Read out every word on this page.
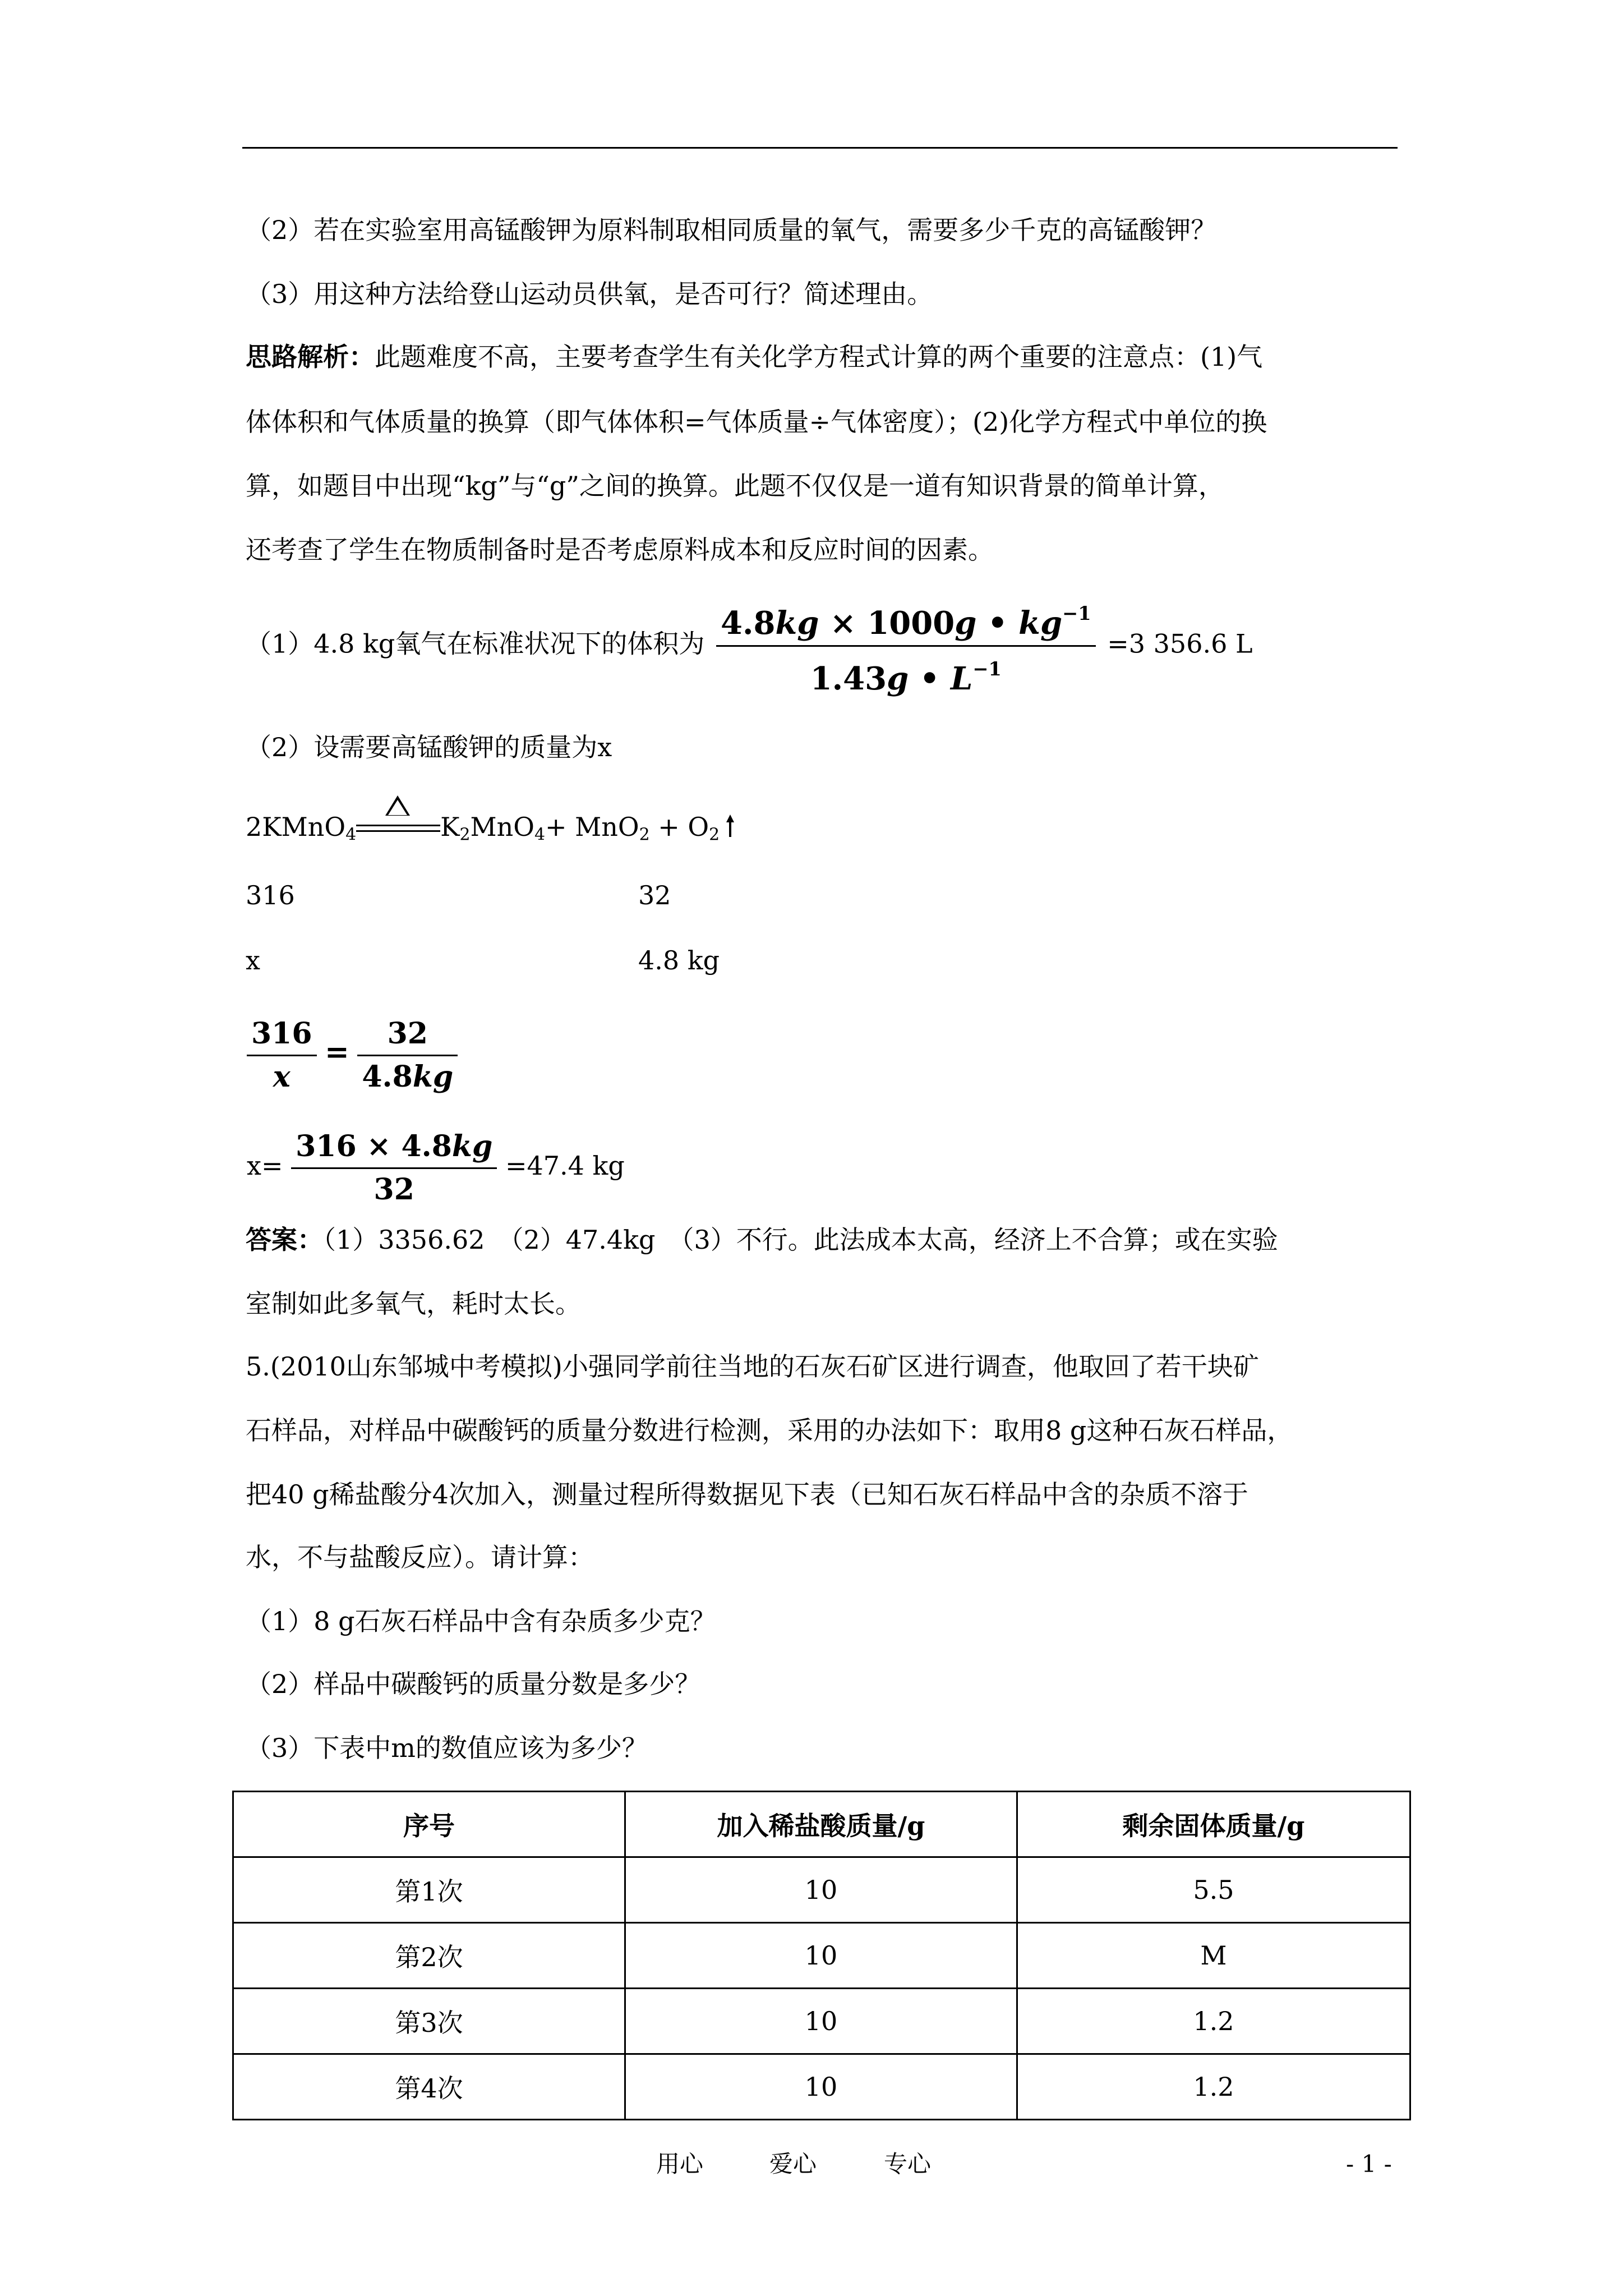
（2）若在实验室用高锰酸钾为原料制取相同质量的氧气，需要多少千克的高锰酸钾？
（3）用这种方法给登山运动员供氧，是否可行？简述理由。
思路解析：此题难度不高，主要考查学生有关化学方程式计算的两个重要的注意点：(1)气
体体积和气体质量的换算（即气体体积=气体质量÷气体密度）；(2)化学方程式中单位的换
算，如题目中出现“kg”与“g”之间的换算。此题不仅仅是一道有知识背景的简单计算，
还考查了学生在物质制备时是否考虑原料成本和反应时间的因素。
（1）4.8 kg氧气在标准状况下的体积为 $\frac{4.8kg \times 1000g • kg^{-1}}{1.43g • L^{-1}} =3$ 356.6 L
（2）设需要高锰酸钾的质量为x
2KMnO$_4$	$K_2MnO_4+ MnO_2 + O_2$
316	32
x	4.8 kg
$\frac{316}{x} = \frac{32}{4.8kg}$
$x= \frac{316 \times 4.8kg}{32} =47.4$ kg
答案：（1）3356.62　（2）47.4kg　（3）不行。此法成本太高，经济上不合算；或在实验
室制如此多氧气，耗时太长。
5.(2010山东邹城中考模拟)小强同学前往当地的石灰石矿区进行调查，他取回了若干块矿
石样品，对样品中碳酸钙的质量分数进行检测，采用的办法如下：取用8 g这种石灰石样品，
把40 g稀盐酸分4次加入，测量过程所得数据见下表（已知石灰石样品中含的杂质不溶于
水，不与盐酸反应）。请计算：
（1）8 g石灰石样品中含有杂质多少克？
（2）样品中碳酸钙的质量分数是多少？
（3）下表中m的数值应该为多少？
序号	加入稀盐酸质量/g	剩余固体质量/g
第1次	10	5.5
第2次	10	M
第3次	10	1.2
第4次	10	1.2
用心	爱心	专心	- 1 -
